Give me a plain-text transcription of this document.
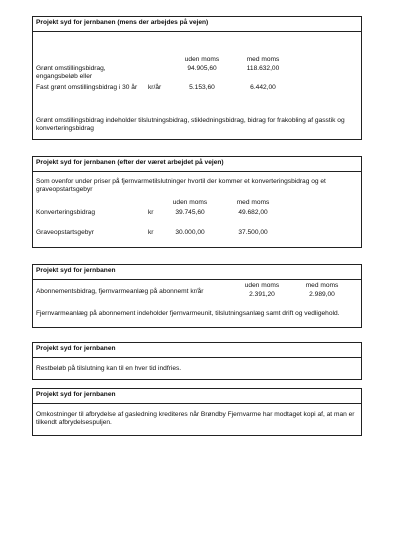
Projekt syd for jernbanen (mens der arbejdes på vejen)
uden moms	med moms
Grønt omstillingsbidrag, engangsbeløb eller
94.905,60	118.632,00
Fast grønt omstillingsbidrag i 30 år kr/år	5.153,60	6.442,00
Grønt omstillingsbidrag indeholder tilslutningsbidrag, stikledningsbidrag, bidrag for frakobling af gasstik og konverteringsbidrag
Projekt syd for jernbanen (efter der været arbejdet på vejen)
Som ovenfor under priser på fjernvarmetilslutninger hvortil der kommer et konverteringsbidrag og et graveopstartsgebyr
uden moms	med moms
Konverteringsbidrag	kr	39.745,60	49.682,00
Graveopstartsgebyr	kr	30.000,00	37.500,00
Projekt syd for jernbanen
uden moms	med moms
Abonnementsbidrag, fjernvarmeanlæg på abonnemt kr/år	2.391,20	2.989,00
Fjernvarmeanlæg på abonnement indeholder fjernvarmeunit, tilslutningsanlæg samt drift og vedligehold.
Projekt syd for jernbanen
Restbeløb på tilslutning kan til en hver tid indfries.
Projekt syd for jernbanen
Omkostninger til afbrydelse af gasledning krediteres når Brøndby Fjernvarme har modtaget kopi af, at man er tilkendt afbrydelsespuljen.
